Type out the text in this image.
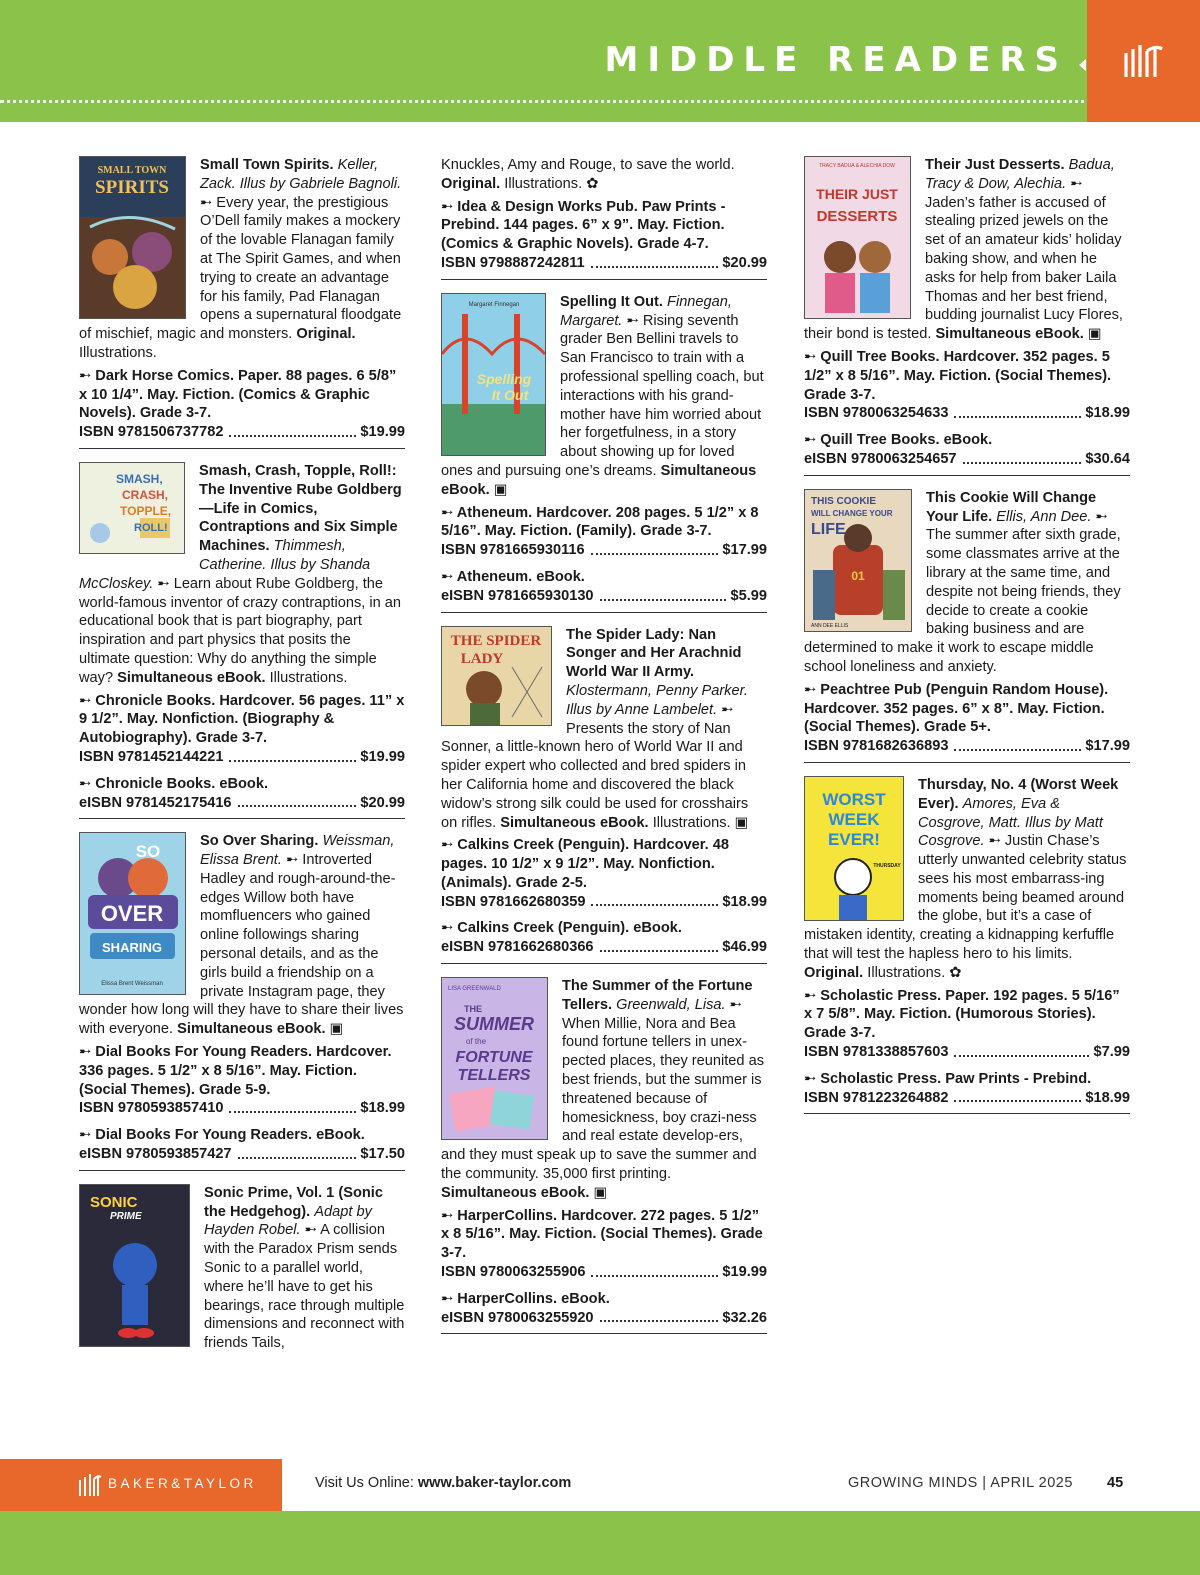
MIDDLE READERS
SMALL TOWN
SPIRITS
Small Town Spirits. Keller, Zack. Illus by Gabriele Bagnoli. ➸ Every year, the prestigious O’Dell family makes a mockery of the lovable Flanagan family at The Spirit Games, and when trying to create an advantage for his family, Pad Flanagan opens a supernatural floodgate of mischief, magic and monsters. Original. Illustrations.
➸ Dark Horse Comics. Paper. 88 pages. 6 5/8” x 10 1/4”. May. Fiction. (Comics & Graphic Novels). Grade 3-7.
ISBN 9781506737782	$19.99
SMASH,
CRASH,
TOPPLE,
ROLL!
Smash, Crash, Topple, Roll!: The Inventive Rube Goldberg—Life in Comics, Contraptions and Six Simple Machines. Thimmesh, Catherine. Illus by Shanda McCloskey. ➸ Learn about Rube Goldberg, the world-famous inventor of crazy contraptions, in an educational book that is part biography, part inspiration and part physics that posits the ultimate question: Why do anything the simple way? Simultaneous eBook. Illustrations.
➸ Chronicle Books. Hardcover. 56 pages. 11” x 9 1/2”. May. Nonfiction. (Biography & Autobiography). Grade 3-7.
ISBN 9781452144221	$19.99
➸ Chronicle Books. eBook.
eISBN 9781452175416	$20.99
SO
OVER
SHARING
Elissa Brent Weissman
So Over Sharing. Weissman, Elissa Brent. ➸ Introverted Hadley and rough-around-the-edges Willow both have momfluencers who gained online followings sharing personal details, and as the girls build a friendship on a private Instagram page, they wonder how long will they have to share their lives with everyone. Simultaneous eBook. ▣
➸ Dial Books For Young Readers. Hardcover. 336 pages. 5 1/2” x 8 5/16”. May. Fiction. (Social Themes). Grade 5-9.
ISBN 9780593857410	$18.99
➸ Dial Books For Young Readers. eBook.
eISBN 9780593857427	$17.50
SONIC
PRIME
Sonic Prime, Vol. 1 (Sonic the Hedgehog). Adapt by Hayden Robel. ➸ A collision with the Paradox Prism sends Sonic to a parallel world, where he’ll have to get his bearings, race through multiple dimensions and reconnect with friends Tails,
Knuckles, Amy and Rouge, to save the world. Original. Illustrations. ✿
➸ Idea & Design Works Pub. Paw Prints - Prebind. 144 pages. 6” x 9”. May. Fiction. (Comics & Graphic Novels). Grade 4-7.
ISBN 9798887242811	$20.99
Margaret Finnegan
Spelling
It Out
Spelling It Out. Finnegan, Margaret. ➸ Rising seventh grader Ben Bellini travels to San Francisco to train with a professional spelling coach, but interactions with his grand-mother have him worried about her forgetfulness, in a story about showing up for loved ones and pursuing one’s dreams. Simultaneous eBook. ▣
➸ Atheneum. Hardcover. 208 pages. 5 1/2” x 8 5/16”. May. Fiction. (Family). Grade 3-7.
ISBN 9781665930116	$17.99
➸ Atheneum. eBook.
eISBN 9781665930130	$5.99
THE SPIDER
LADY
The Spider Lady: Nan Songer and Her Arachnid World War II Army. Klostermann, Penny Parker. Illus by Anne Lambelet. ➸ Presents the story of Nan Sonner, a little-known hero of World War II and spider expert who collected and bred spiders in her California home and discovered the black widow’s strong silk could be used for crosshairs on rifles. Simultaneous eBook. Illustrations. ▣
➸ Calkins Creek (Penguin). Hardcover. 48 pages. 10 1/2” x 9 1/2”. May. Nonfiction. (Animals). Grade 2-5.
ISBN 9781662680359	$18.99
➸ Calkins Creek (Penguin). eBook.
eISBN 9781662680366	$46.99
LISA GREENWALD
THE
SUMMER
of the
FORTUNE
TELLERS
The Summer of the Fortune Tellers. Greenwald, Lisa. ➸ When Millie, Nora and Bea found fortune tellers in unex-pected places, they reunited as best friends, but the summer is threatened because of homesickness, boy crazi-ness and real estate develop-ers, and they must speak up to save the summer and the community. 35,000 first printing. Simultaneous eBook. ▣
➸ HarperCollins. Hardcover. 272 pages. 5 1/2” x 8 5/16”. May. Fiction. (Social Themes). Grade 3-7.
ISBN 9780063255906	$19.99
➸ HarperCollins. eBook.
eISBN 9780063255920	$32.26
TRACY BADUA & ALECHIA DOW
THEIR JUST
DESSERTS
Their Just Desserts. Badua, Tracy & Dow, Alechia. ➸ Jaden’s father is accused of stealing prized jewels on the set of an amateur kids’ holiday baking show, and when he asks for help from baker Laila Thomas and her best friend, budding journalist Lucy Flores, their bond is tested. Simultaneous eBook. ▣
➸ Quill Tree Books. Hardcover. 352 pages. 5 1/2” x 8 5/16”. May. Fiction. (Social Themes). Grade 3-7.
ISBN 9780063254633	$18.99
➸ Quill Tree Books. eBook.
eISBN 9780063254657	$30.64
THIS COOKIE
WILL CHANGE YOUR
LIFE
01
ANN DEE ELLIS
This Cookie Will Change Your Life. Ellis, Ann Dee. ➸ The summer after sixth grade, some classmates arrive at the library at the same time, and despite not being friends, they decide to create a cookie baking business and are determined to make it work to escape middle school loneliness and anxiety.
➸ Peachtree Pub (Penguin Random House). Hardcover. 352 pages. 6” x 8”. May. Fiction. (Social Themes). Grade 5+.
ISBN 9781682636893	$17.99
WORST
WEEK
EVER!
THURSDAY
Thursday, No. 4 (Worst Week Ever). Amores, Eva & Cosgrove, Matt. Illus by Matt Cosgrove. ➸ Justin Chase’s utterly unwanted celebrity status sees his most embarrass-ing moments being beamed around the globe, but it’s a case of mistaken identity, creating a kidnapping kerfuffle that will test the hapless hero to his limits. Original. Illustrations. ✿
➸ Scholastic Press. Paper. 192 pages. 5 5/16” x 7 5/8”. May. Fiction. (Humorous Stories). Grade 3-7.
ISBN 9781338857603	$7.99
➸ Scholastic Press. Paw Prints - Prebind.
ISBN 9781223264882	$18.99
BAKER&TAYLOR	Visit Us Online: www.baker-taylor.com	GROWING MINDS | APRIL 2025 45
